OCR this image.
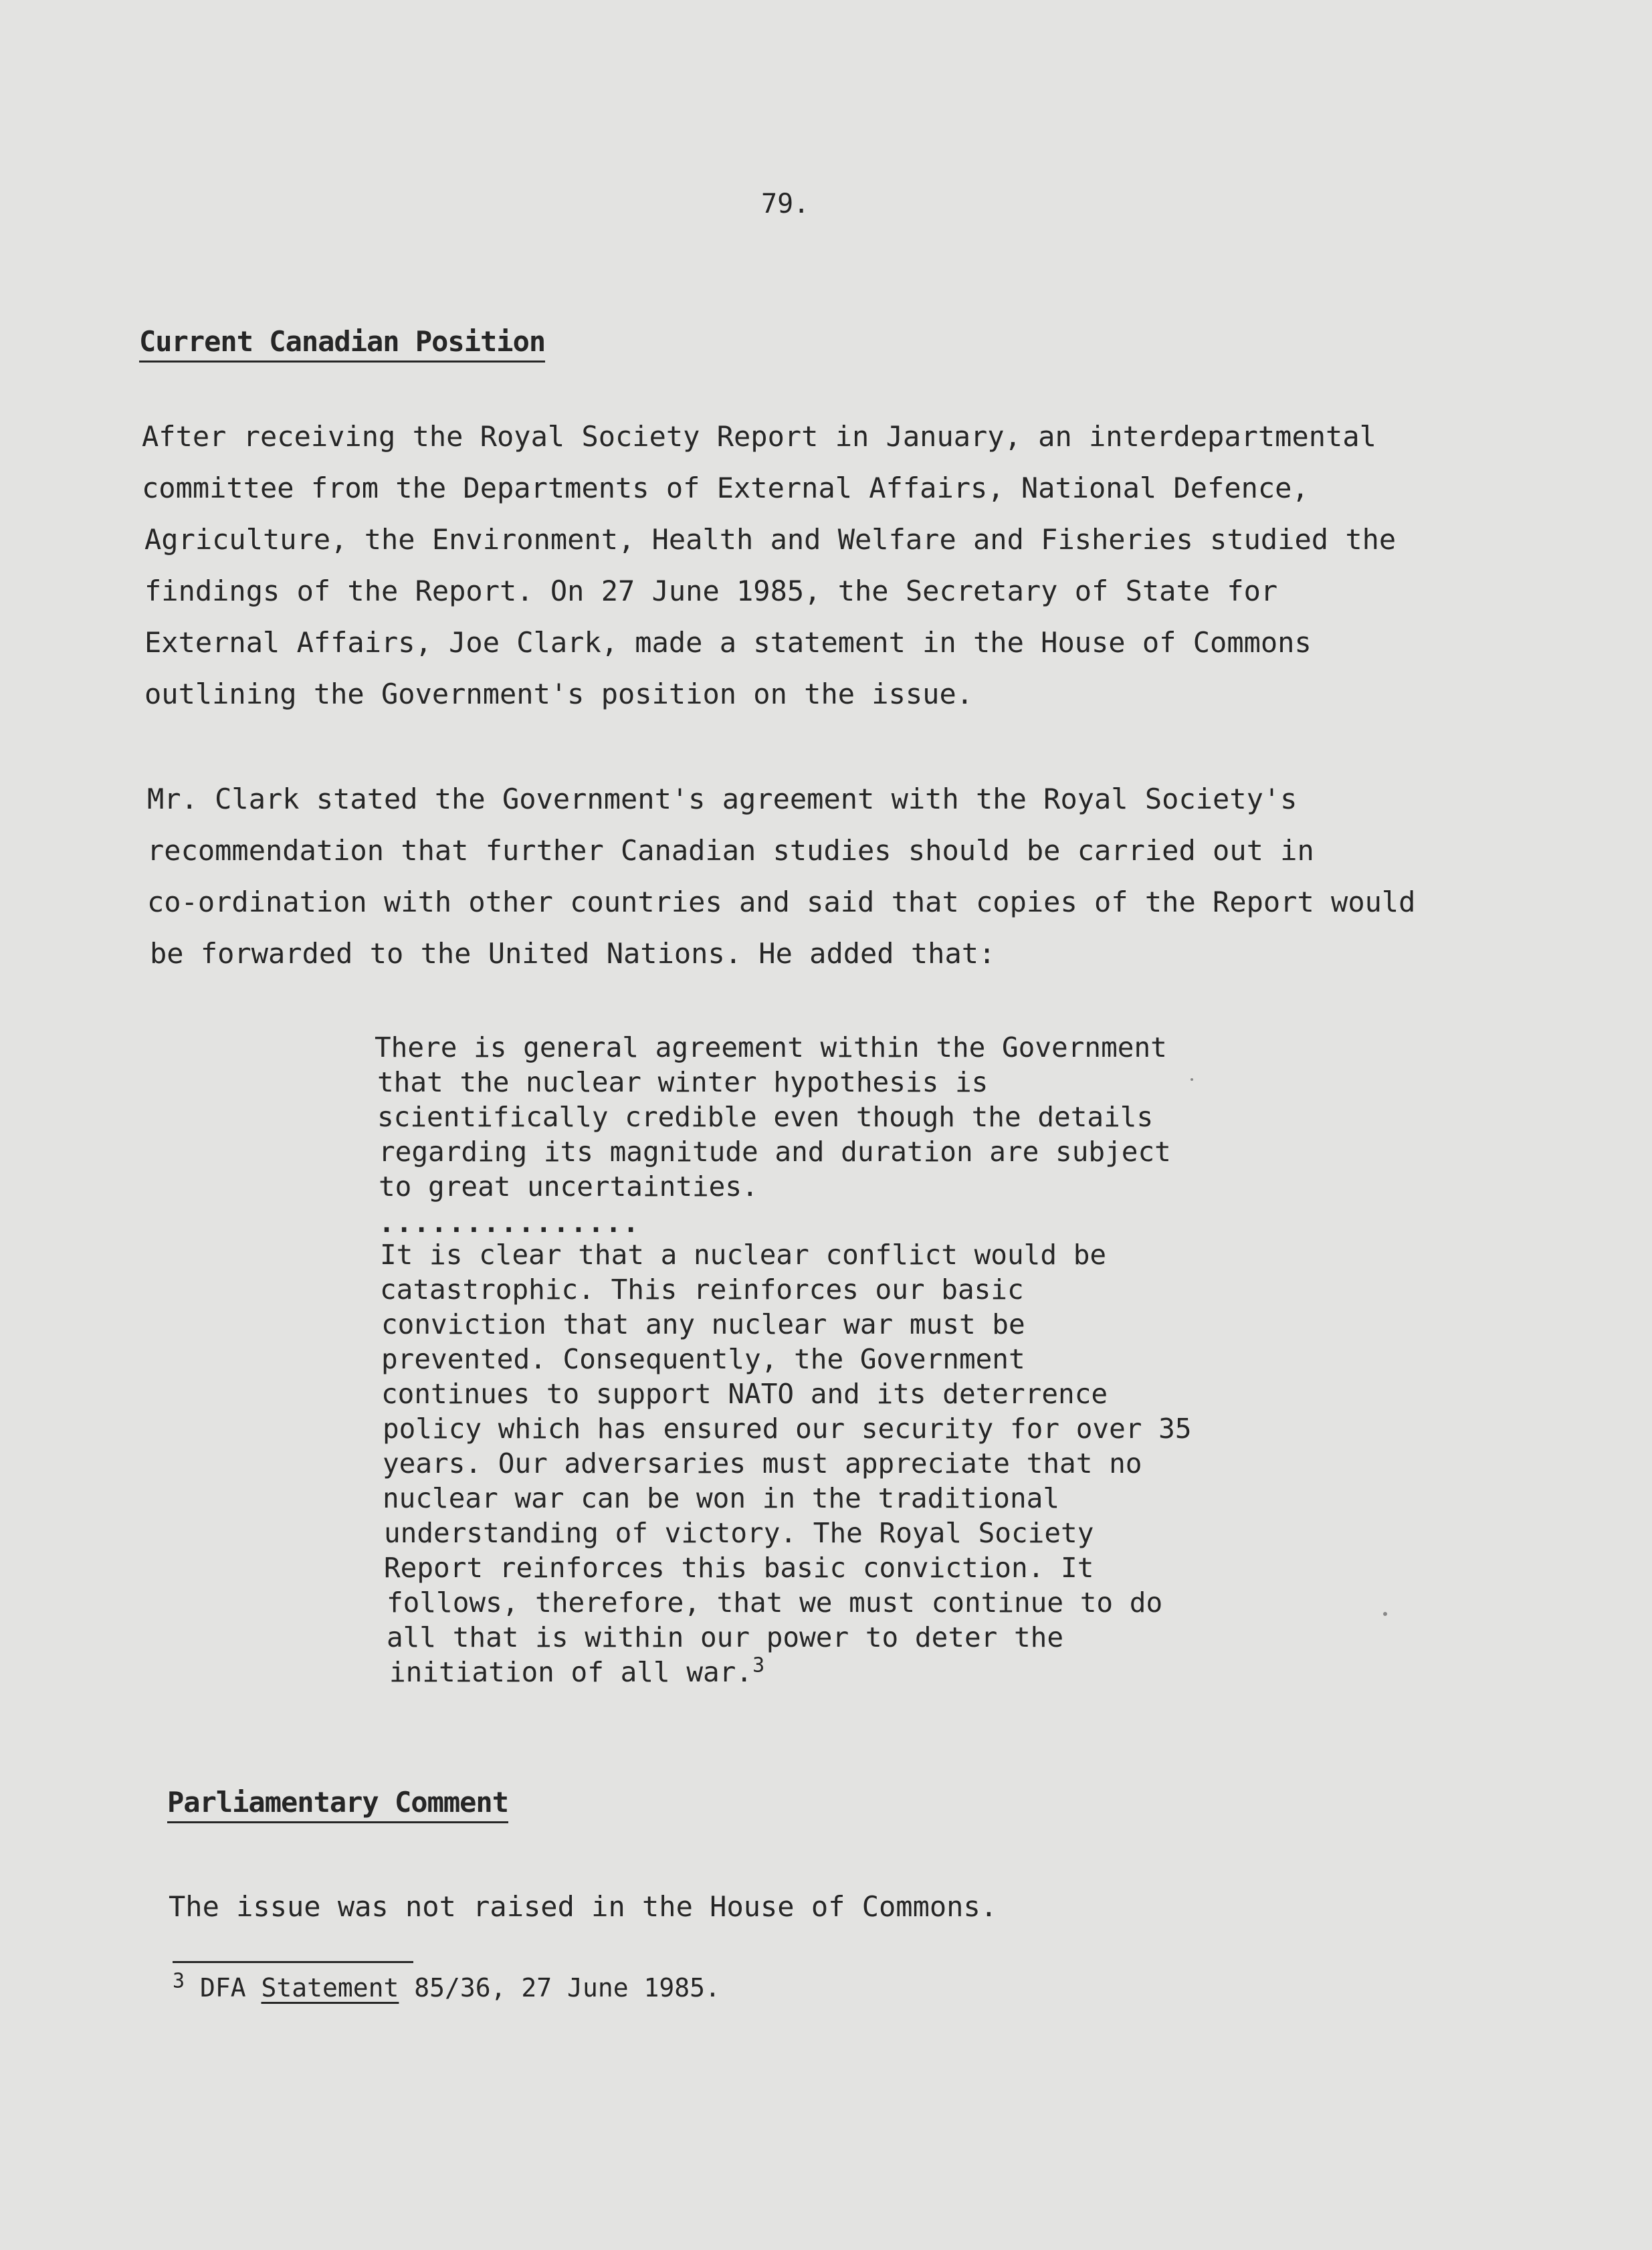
79.
Current Canadian Position
After receiving the Royal Society Report in January, an interdepartmental
committee from the Departments of External Affairs, National Defence,
Agriculture, the Environment, Health and Welfare and Fisheries studied the
findings of the Report. On 27 June 1985, the Secretary of State for
External Affairs, Joe Clark, made a statement in the House of Commons
outlining the Government's position on the issue.
Mr. Clark stated the Government's agreement with the Royal Society's
recommendation that further Canadian studies should be carried out in
co-ordination with other countries and said that copies of the Report would
be forwarded to the United Nations. He added that:
There is general agreement within the Government
that the nuclear winter hypothesis is
scientifically credible even though the details
regarding its magnitude and duration are subject
to great uncertainties.
...............
It is clear that a nuclear conflict would be
catastrophic. This reinforces our basic
conviction that any nuclear war must be
prevented. Consequently, the Government
continues to support NATO and its deterrence
policy which has ensured our security for over 35
years. Our adversaries must appreciate that no
nuclear war can be won in the traditional
understanding of victory. The Royal Society
Report reinforces this basic conviction. It
follows, therefore, that we must continue to do
all that is within our power to deter the
initiation of all war.$^3$
Parliamentary Comment
The issue was not raised in the House of Commons.
$^3$ DFA Statement 85/36, 27 June 1985.
